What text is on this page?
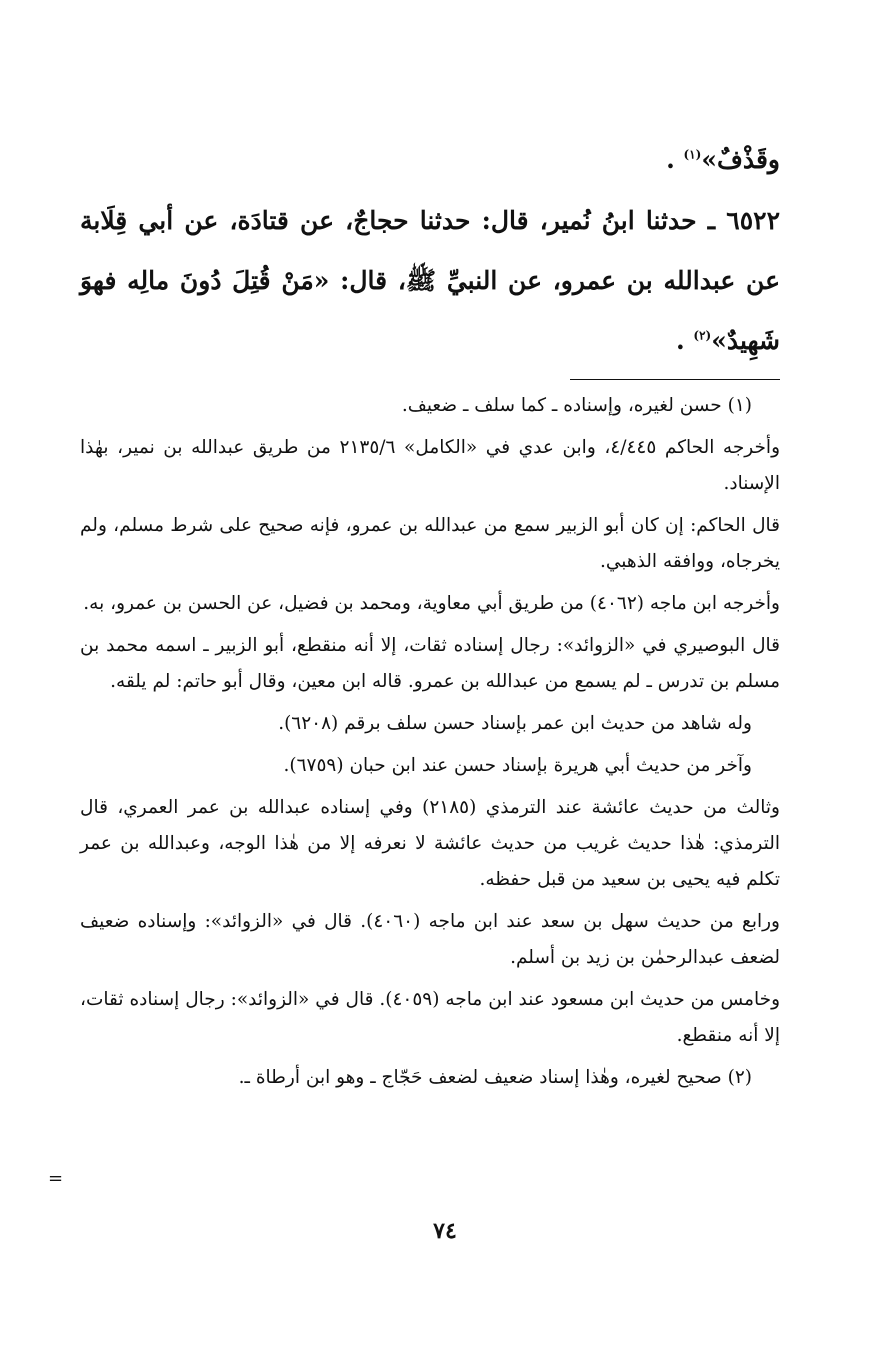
وقَذْفٌ»$^{(١)}$ .

٦٥٢٢ ـ حدثنا ابنُ نُمير، قال: حدثنا حجاجٌ، عن قتادَة، عن أبي قِلَابة عن عبدالله بن عمرو، عن النبيِّ ﷺ، قال: «مَنْ قُتِلَ دُونَ مالِه فهوَ شَهِيدٌ»$^{(٢)}$ .

(١) حسن لغيره، وإسناده ـ كما سلف ـ ضعيف.

وأخرجه الحاكم ٤/٤٤٥، وابن عدي في «الكامل» ٢١٣٥/٦ من طريق عبدالله بن نمير، بهٰذا الإسناد.

قال الحاكم: إن كان أبو الزبير سمع من عبدالله بن عمرو، فإنه صحيح على شرط مسلم، ولم يخرجاه، ووافقه الذهبي.

وأخرجه ابن ماجه (٤٠٦٢) من طريق أبي معاوية، ومحمد بن فضيل، عن الحسن بن عمرو، به.

قال البوصيري في «الزوائد»: رجال إسناده ثقات، إلا أنه منقطع، أبو الزبير ـ اسمه محمد بن مسلم بن تدرس ـ لم يسمع من عبدالله بن عمرو. قاله ابن معين، وقال أبو حاتم: لم يلقه.

وله شاهد من حديث ابن عمر بإسناد حسن سلف برقم (٦٢٠٨).

وآخر من حديث أبي هريرة بإسناد حسن عند ابن حبان (٦٧٥٩).

وثالث من حديث عائشة عند الترمذي (٢١٨٥) وفي إسناده عبدالله بن عمر العمري، قال الترمذي: هٰذا حديث غريب من حديث عائشة لا نعرفه إلا من هٰذا الوجه، وعبدالله بن عمر تكلم فيه يحيى بن سعيد من قبل حفظه.

ورابع من حديث سهل بن سعد عند ابن ماجه (٤٠٦٠). قال في «الزوائد»: وإسناده ضعيف لضعف عبدالرحمٰن بن زيد بن أسلم.

وخامس من حديث ابن مسعود عند ابن ماجه (٤٠٥٩). قال في «الزوائد»: رجال إسناده ثقات، إلا أنه منقطع.

(٢) صحيح لغيره، وهٰذا إسناد ضعيف لضعف حَجّاج ـ وهو ابن أرطاة ـ.

٧٤
=
